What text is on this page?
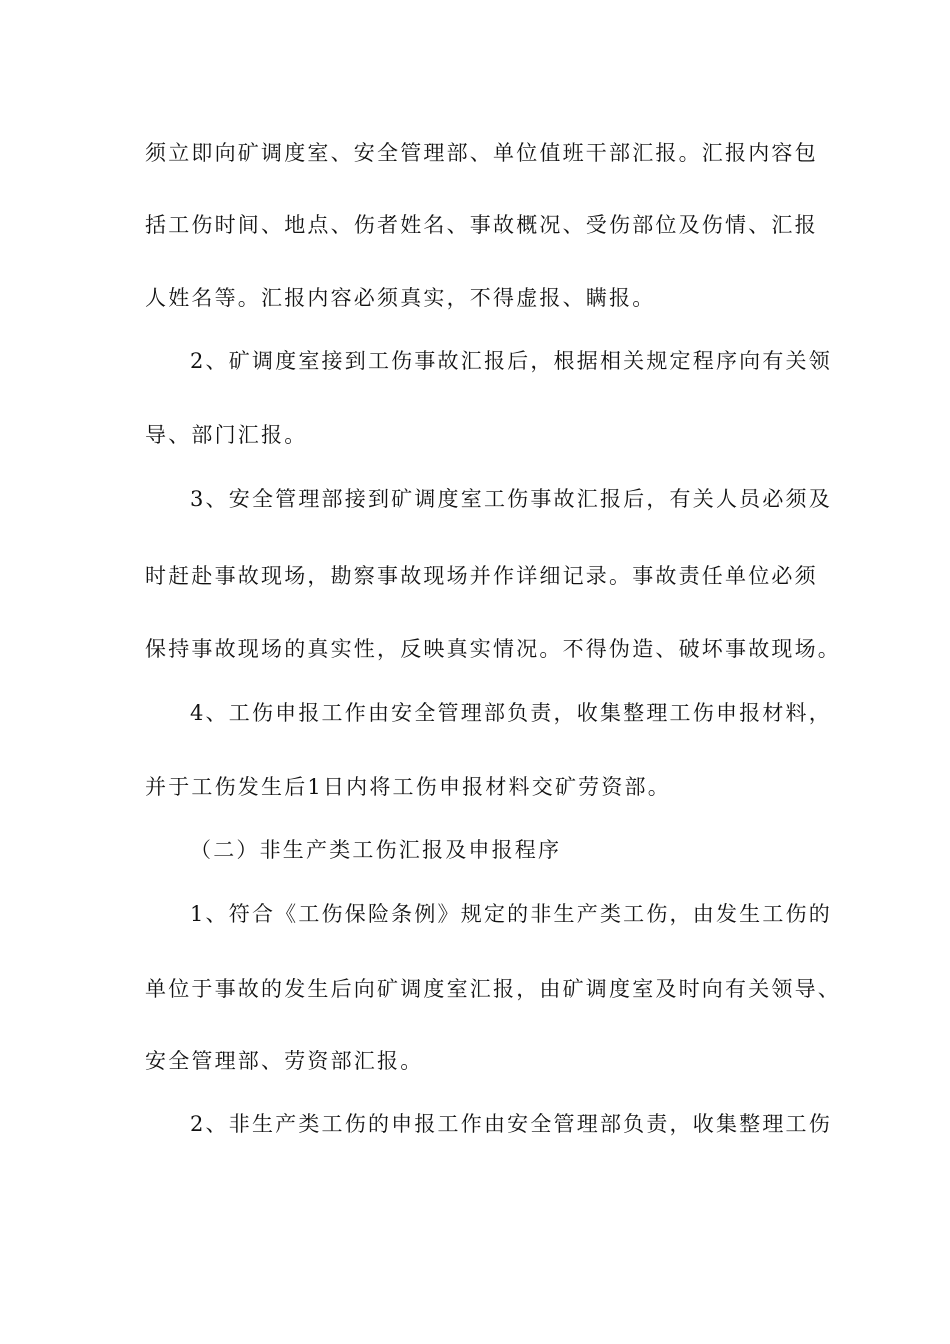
须立即向矿调度室、安全管理部、单位值班干部汇报。汇报内容包
括工伤时间、地点、伤者姓名、事故概况、受伤部位及伤情、汇报
人姓名等。汇报内容必须真实，不得虚报、瞒报。
2、矿调度室接到工伤事故汇报后，根据相关规定程序向有关领
导、部门汇报。
3、安全管理部接到矿调度室工伤事故汇报后，有关人员必须及
时赶赴事故现场，勘察事故现场并作详细记录。事故责任单位必须
保持事故现场的真实性，反映真实情况。不得伪造、破坏事故现场。
4、工伤申报工作由安全管理部负责，收集整理工伤申报材料，
并于工伤发生后1日内将工伤申报材料交矿劳资部。
（二）非生产类工伤汇报及申报程序
1、符合《工伤保险条例》规定的非生产类工伤，由发生工伤的
单位于事故的发生后向矿调度室汇报，由矿调度室及时向有关领导、
安全管理部、劳资部汇报。
2、非生产类工伤的申报工作由安全管理部负责，收集整理工伤
